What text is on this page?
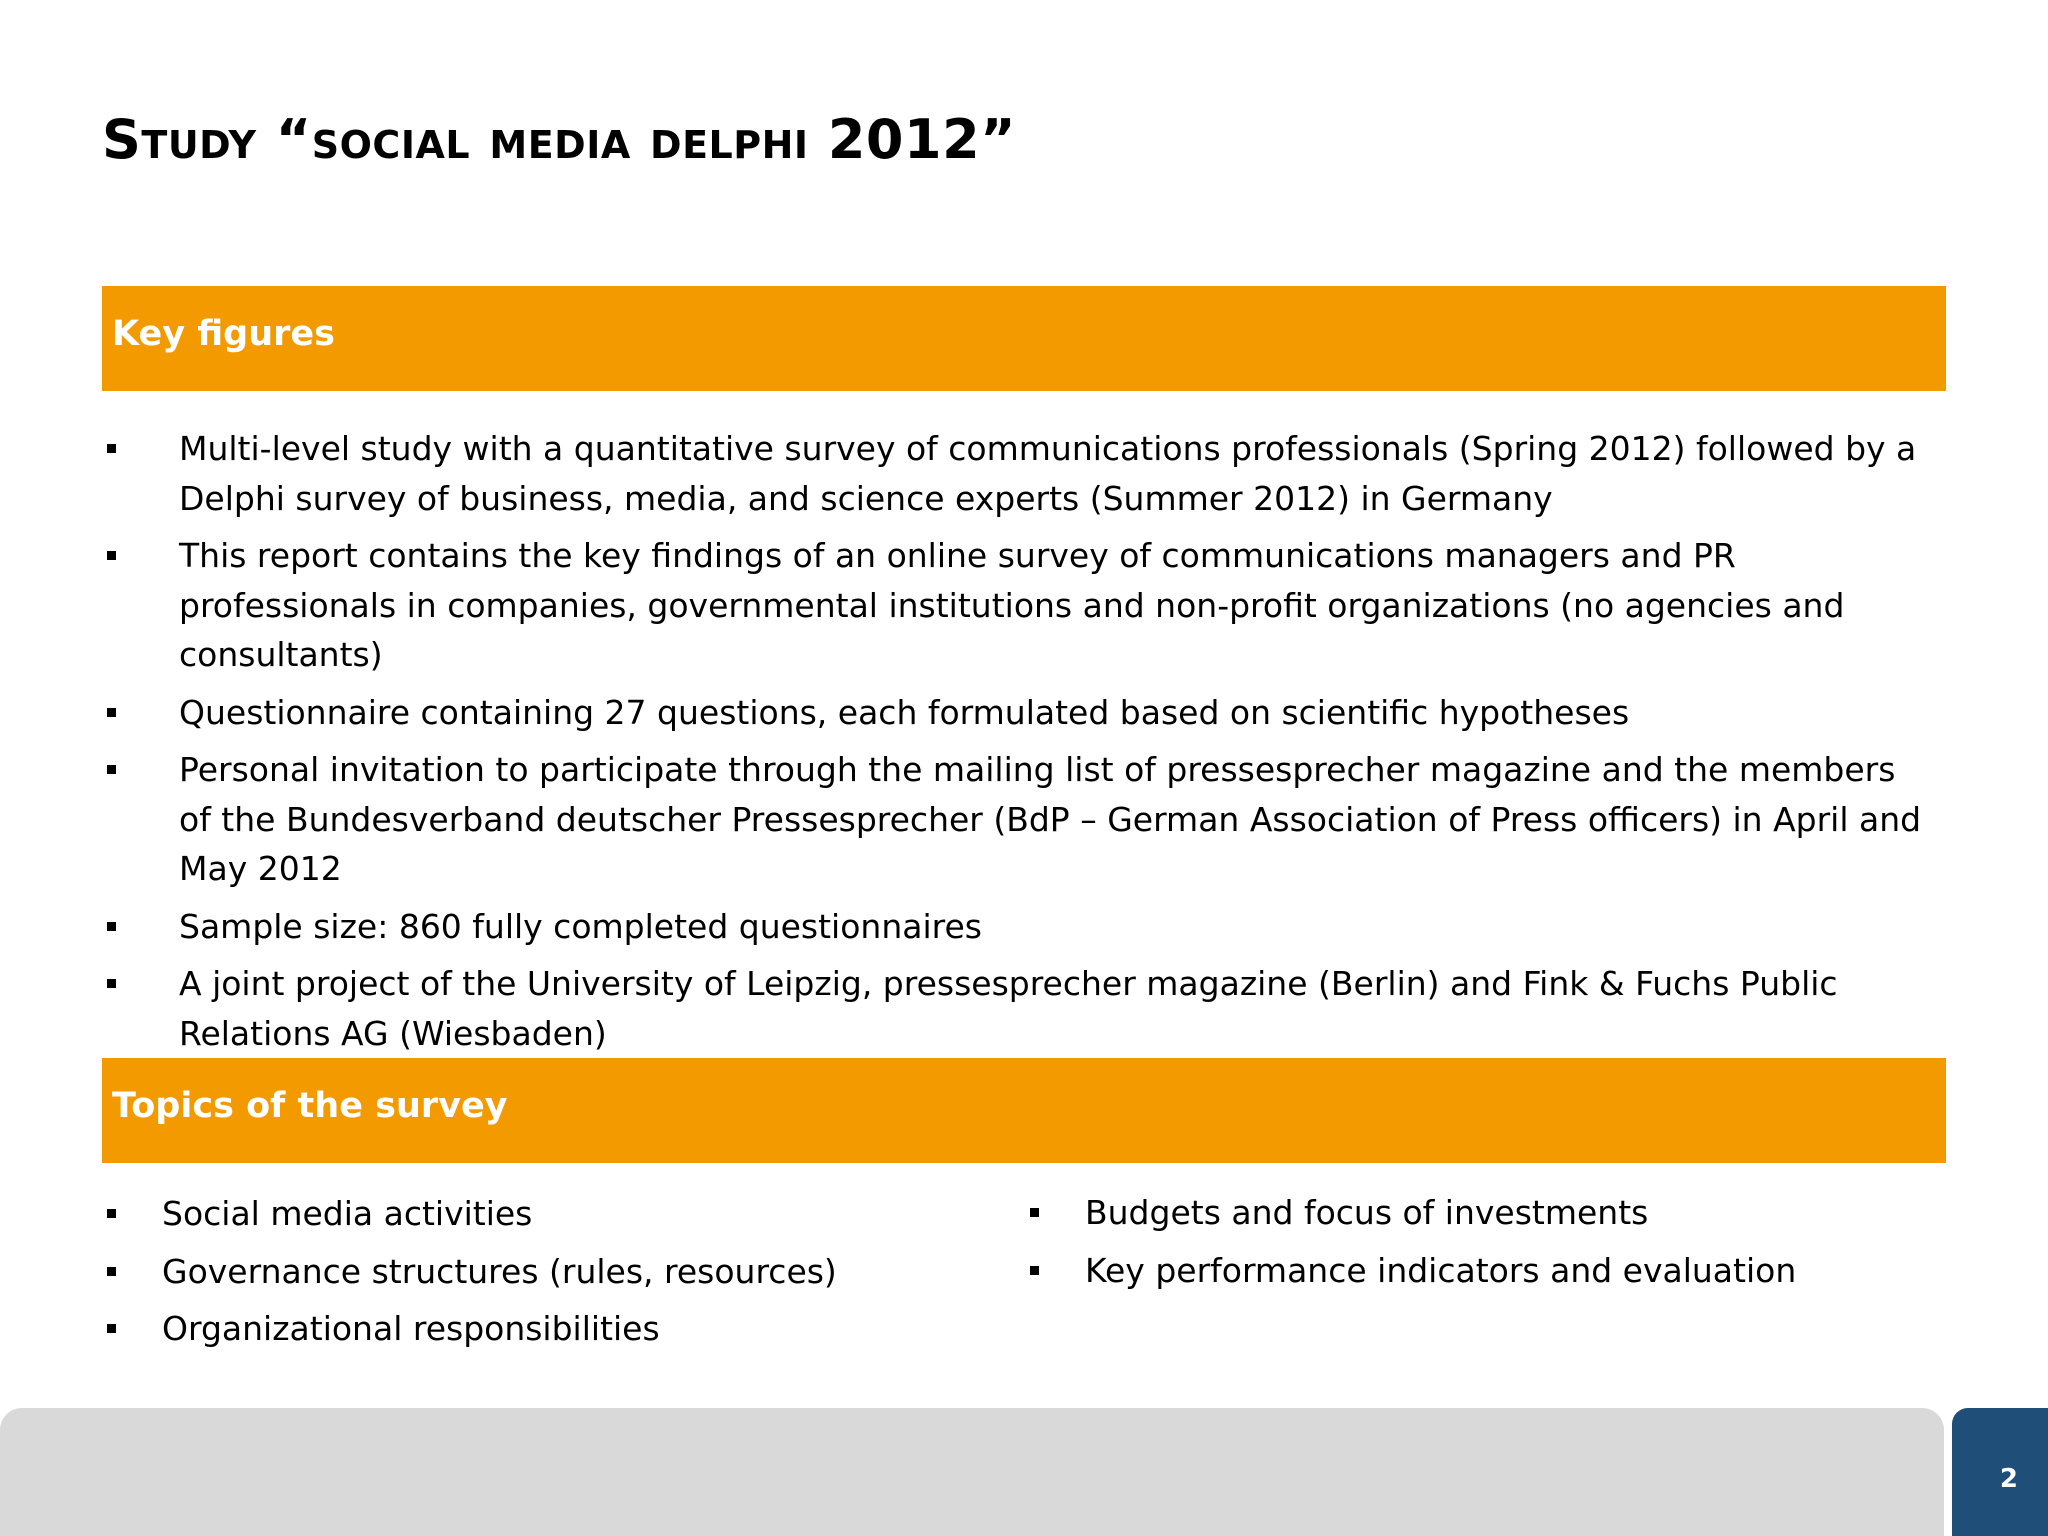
Study “social media delphi 2012”
Key figures
Multi-level study with a quantitative survey of communications professionals (Spring 2012) followed by a Delphi survey of business, media, and science experts (Summer 2012) in Germany
This report contains the key findings of an online survey of communications managers and PR professionals in companies, governmental institutions and non-profit organizations (no agencies and consultants)
Questionnaire containing 27 questions, each formulated based on scientific hypotheses
Personal invitation to participate through the mailing list of pressesprecher magazine and the members of the Bundesverband deutscher Pressesprecher (BdP – German Association of Press officers) in April and May 2012
Sample size: 860 fully completed questionnaires
A joint project of the University of Leipzig, pressesprecher magazine (Berlin) and Fink & Fuchs Public Relations AG (Wiesbaden)
Topics of the survey
Social media activities
Governance structures (rules, resources)
Organizational responsibilities
Budgets and focus of investments
Key performance indicators and evaluation
2
